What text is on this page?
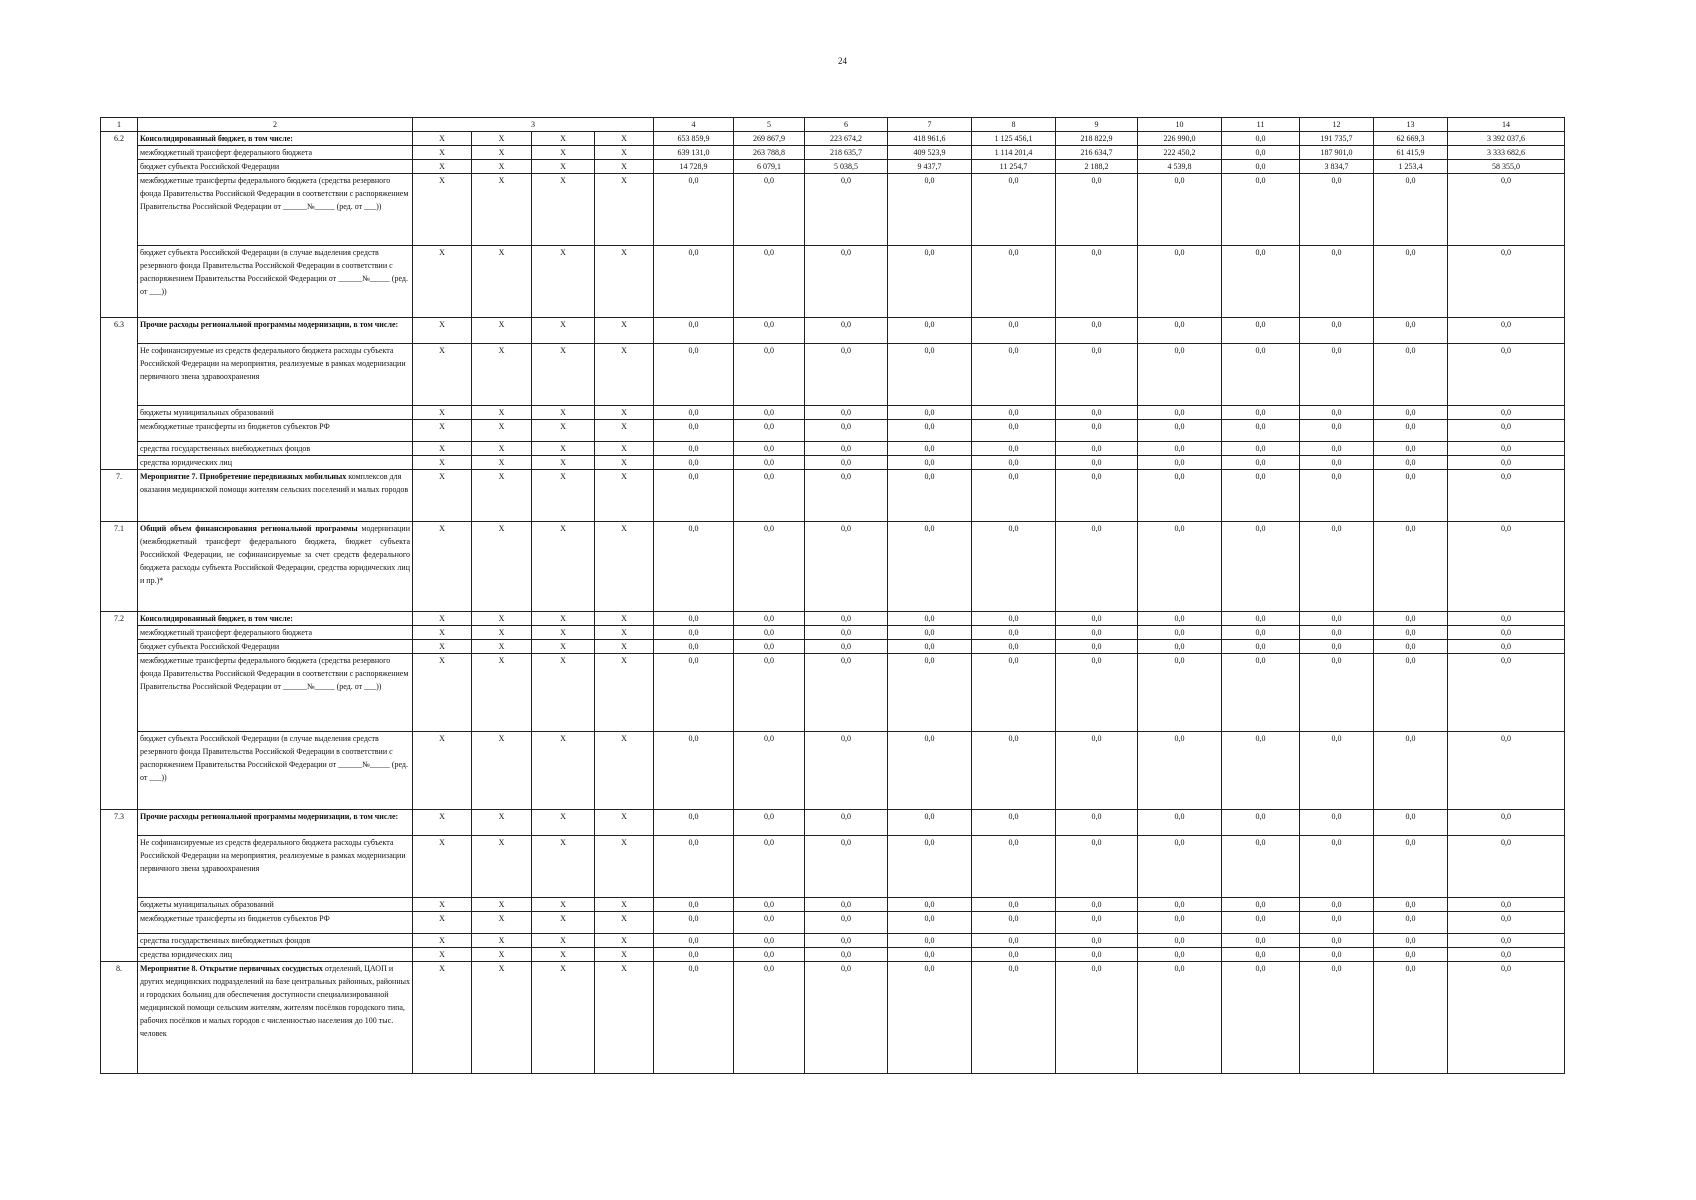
24
1	2	3				4	5	6	7	8	9	10	11	12	13	14
6.2	Консолидированный бюджет, в том числе:	X	X	X	X	653 859,9	269 867,9	223 674,2	418 961,6	1 125 456,1	218 822,9	226 990,0	0,0	191 735,7	62 669,3	3 392 037,6
	межбюджетный трансферт федерального бюджета	X	X	X	X	639 131,0	263 788,8	218 635,7	409 523,9	1 114 201,4	216 634,7	222 450,2	0,0	187 901,0	61 415,9	3 333 682,6
	бюджет субъекта Российской Федерации	X	X	X	X	14 728,9	6 079,1	5 038,5	9 437,7	11 254,7	2 188,2	4 539,8	0,0	3 834,7	1 253,4	58 355,0
	межбюджетные трансферты федерального бюджета (средства резервного фонда Правительства Российской Федерации в соответствии с распоряжением Правительства Российской Федерации от ______№_____ (ред. от ___))	X	X	X	X	0,0	0,0	0,0	0,0	0,0	0,0	0,0	0,0	0,0	0,0	0,0
	бюджет субъекта Российской Федерации (в случае выделения средств резервного фонда Правительства Российской Федерации в соответствии с распоряжением Правительства Российской Федерации от ______№_____ (ред. от ___))	X	X	X	X	0,0	0,0	0,0	0,0	0,0	0,0	0,0	0,0	0,0	0,0	0,0
6.3	Прочие расходы региональной программы модернизации, в том числе:	X	X	X	X	0,0	0,0	0,0	0,0	0,0	0,0	0,0	0,0	0,0	0,0	0,0
	Не софинансируемые из средств федерального бюджета расходы субъекта Российской Федерации на мероприятия, реализуемые в рамках модернизации первичного звена здравоохранения	X	X	X	X	0,0	0,0	0,0	0,0	0,0	0,0	0,0	0,0	0,0	0,0	0,0
	бюджеты муниципальных образований	X	X	X	X	0,0	0,0	0,0	0,0	0,0	0,0	0,0	0,0	0,0	0,0	0,0
	межбюджетные трансферты из бюджетов субъектов РФ	X	X	X	X	0,0	0,0	0,0	0,0	0,0	0,0	0,0	0,0	0,0	0,0	0,0
	средства государственных внебюджетных фондов	X	X	X	X	0,0	0,0	0,0	0,0	0,0	0,0	0,0	0,0	0,0	0,0	0,0
	средства юридических лиц	X	X	X	X	0,0	0,0	0,0	0,0	0,0	0,0	0,0	0,0	0,0	0,0	0,0
7.	Мероприятие 7. Приобретение передвижных мобильных комплексов для оказания медицинской помощи жителям сельских поселений и малых городов	X	X	X	X	0,0	0,0	0,0	0,0	0,0	0,0	0,0	0,0	0,0	0,0	0,0
7.1	Общий объем финансирования региональной программы модернизации (межбюджетный трансферт федерального бюджета, бюджет субъекта Российской Федерации, не софинансируемые за счет средств федерального бюджета расходы субъекта Российской Федерации, средства юридических лиц и пр.)*	X	X	X	X	0,0	0,0	0,0	0,0	0,0	0,0	0,0	0,0	0,0	0,0	0,0
7.2	Консолидированный бюджет, в том числе:	X	X	X	X	0,0	0,0	0,0	0,0	0,0	0,0	0,0	0,0	0,0	0,0	0,0
	межбюджетный трансферт федерального бюджета	X	X	X	X	0,0	0,0	0,0	0,0	0,0	0,0	0,0	0,0	0,0	0,0	0,0
	бюджет субъекта Российской Федерации	X	X	X	X	0,0	0,0	0,0	0,0	0,0	0,0	0,0	0,0	0,0	0,0	0,0
	межбюджетные трансферты федерального бюджета (средства резервного фонда Правительства Российской Федерации в соответствии с распоряжением Правительства Российской Федерации от ______№_____ (ред. от ___))	X	X	X	X	0,0	0,0	0,0	0,0	0,0	0,0	0,0	0,0	0,0	0,0	0,0
	бюджет субъекта Российской Федерации (в случае выделения средств резервного фонда Правительства Российской Федерации в соответствии с распоряжением Правительства Российской Федерации от ______№_____ (ред. от ___))	X	X	X	X	0,0	0,0	0,0	0,0	0,0	0,0	0,0	0,0	0,0	0,0	0,0
7.3	Прочие расходы региональной программы модернизации, в том числе:	X	X	X	X	0,0	0,0	0,0	0,0	0,0	0,0	0,0	0,0	0,0	0,0	0,0
	Не софинансируемые из средств федерального бюджета расходы субъекта Российской Федерации на мероприятия, реализуемые в рамках модернизации первичного звена здравоохранения	X	X	X	X	0,0	0,0	0,0	0,0	0,0	0,0	0,0	0,0	0,0	0,0	0,0
	бюджеты муниципальных образований	X	X	X	X	0,0	0,0	0,0	0,0	0,0	0,0	0,0	0,0	0,0	0,0	0,0
	межбюджетные трансферты из бюджетов субъектов РФ	X	X	X	X	0,0	0,0	0,0	0,0	0,0	0,0	0,0	0,0	0,0	0,0	0,0
	средства государственных внебюджетных фондов	X	X	X	X	0,0	0,0	0,0	0,0	0,0	0,0	0,0	0,0	0,0	0,0	0,0
	средства юридических лиц	X	X	X	X	0,0	0,0	0,0	0,0	0,0	0,0	0,0	0,0	0,0	0,0	0,0
8.	Мероприятие 8. Открытие первичных сосудистых отделений, ЦАОП и других медицинских подразделений на базе центральных районных, районных и городских больниц для обеспечения доступности специализированной медицинской помощи сельским жителям, жителям посёлков городского типа, рабочих посёлков и малых городов с численностью населения до 100 тыс. человек	X	X	X	X	0,0	0,0	0,0	0,0	0,0	0,0	0,0	0,0	0,0	0,0	0,0
